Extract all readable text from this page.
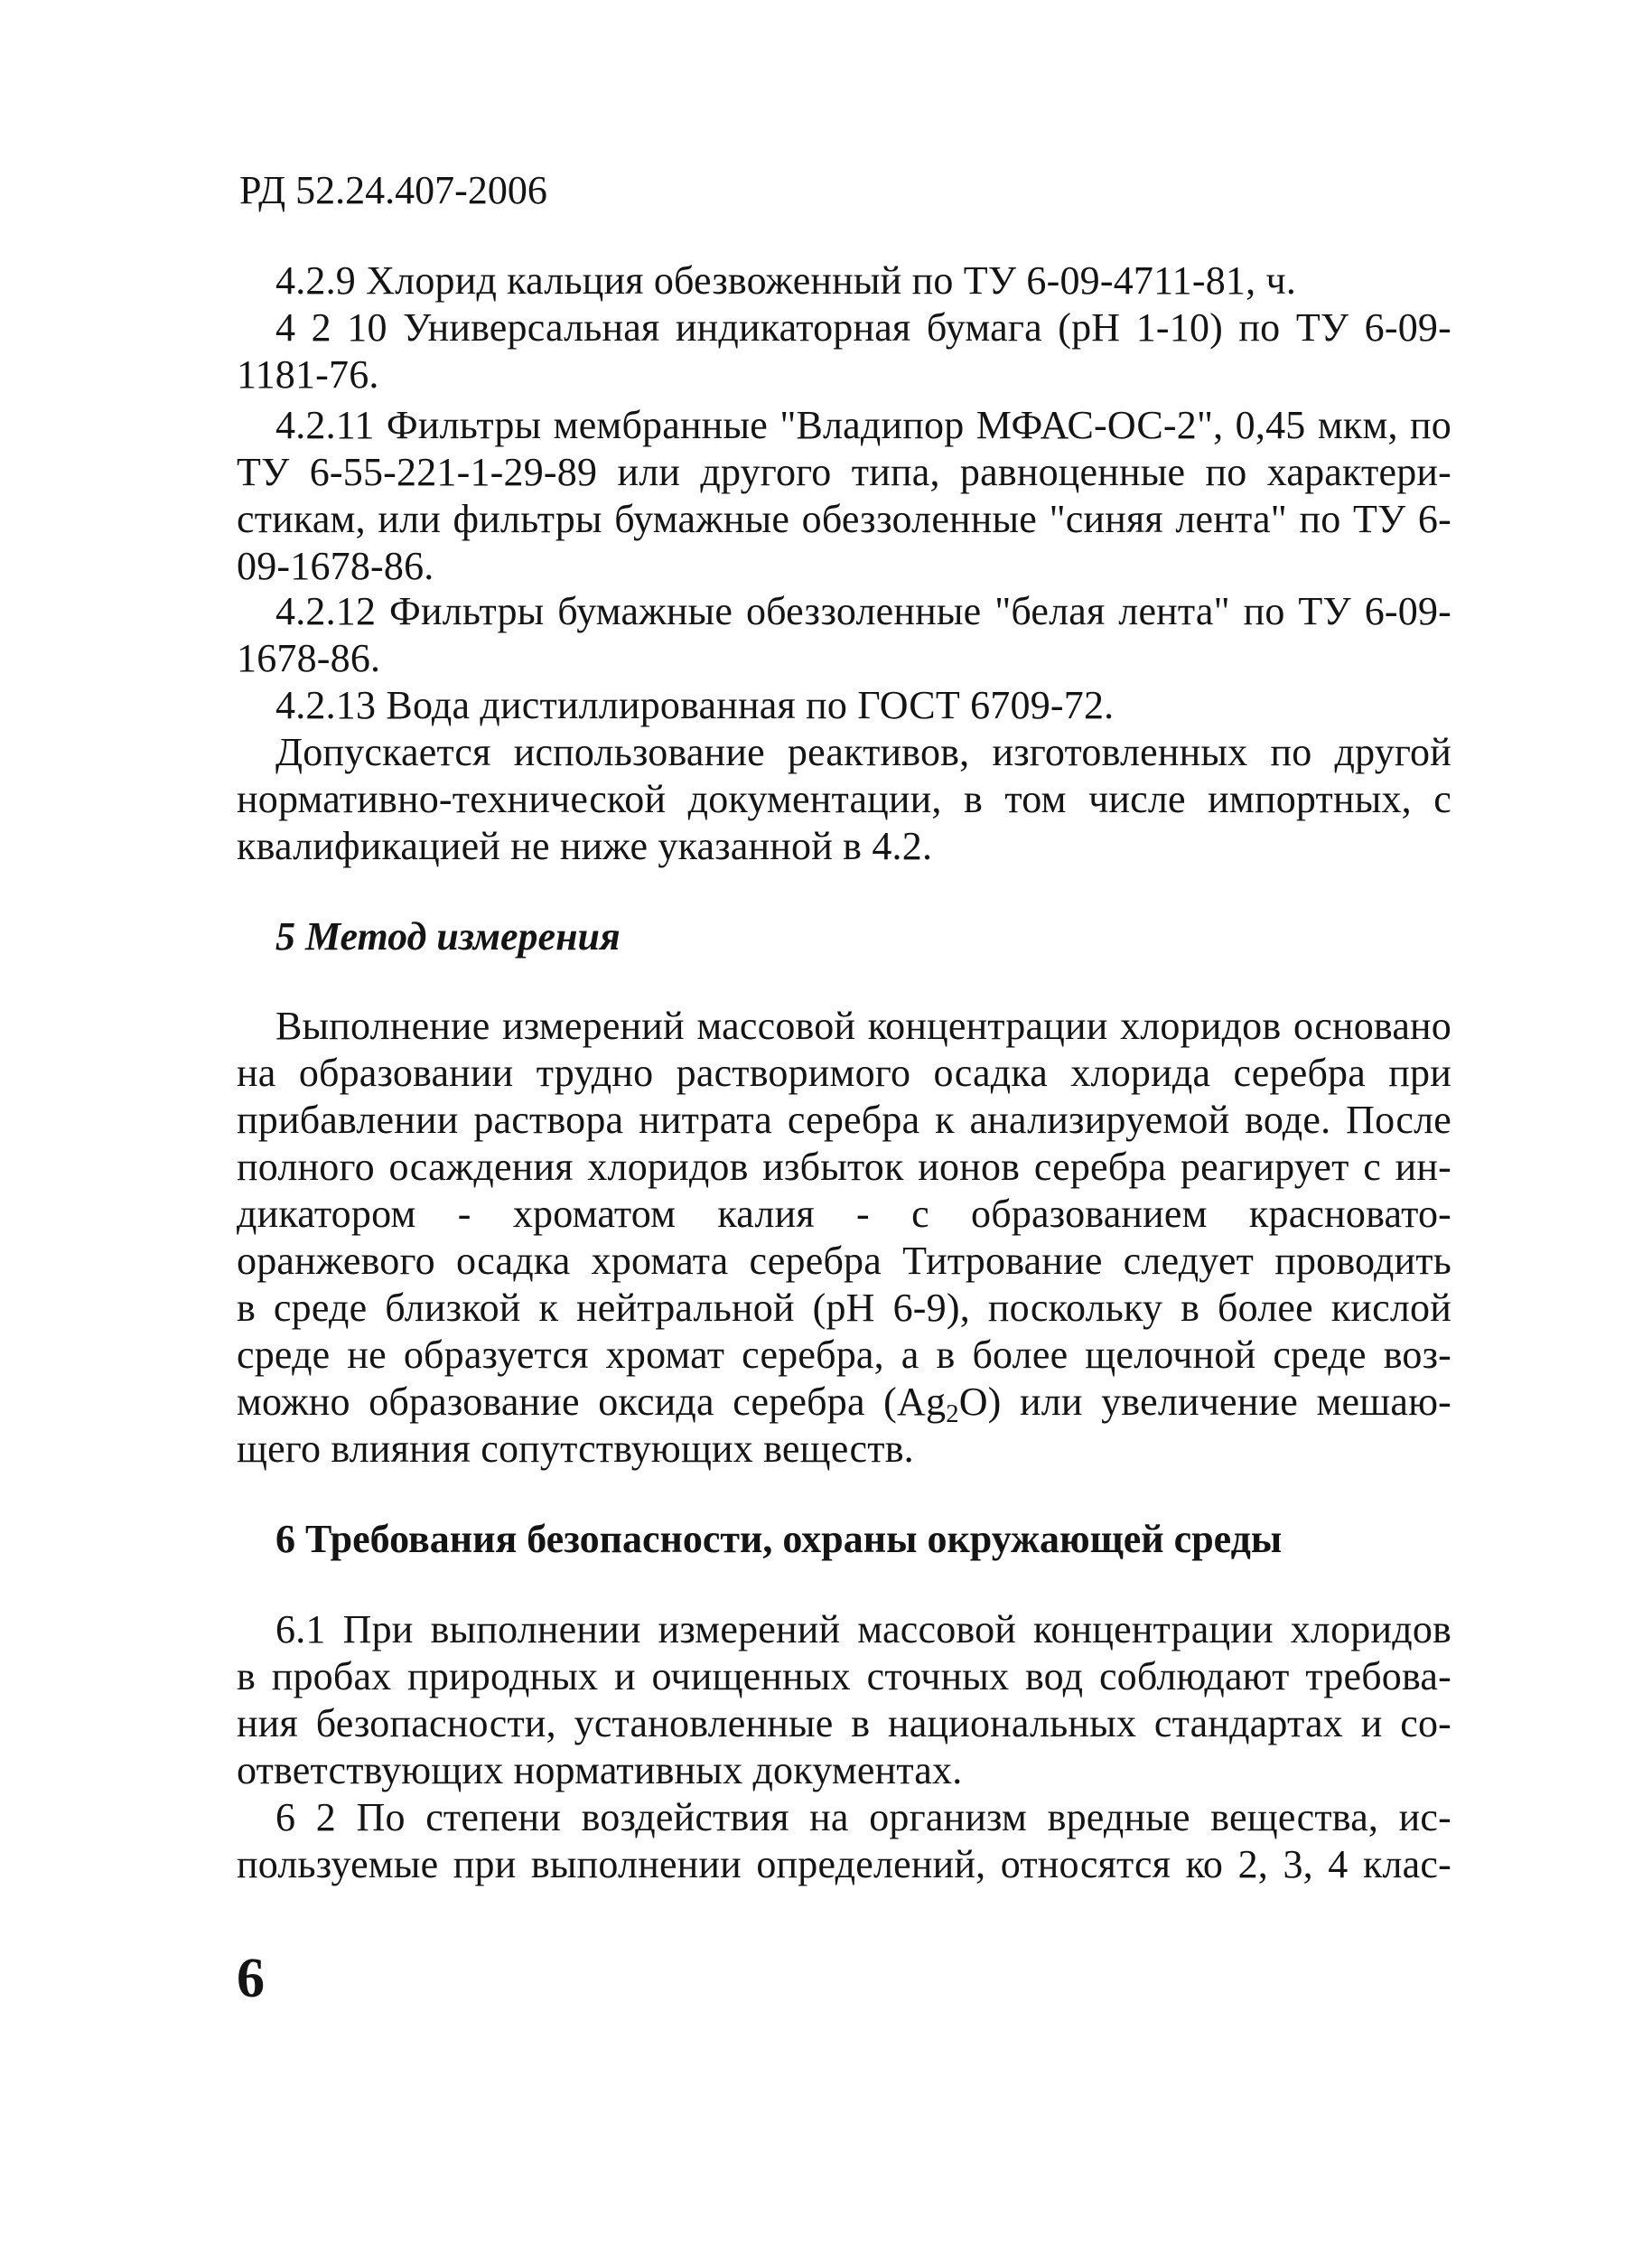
РД 52.24.407-2006
4.2.9 Хлорид кальция обезвоженный по ТУ 6-09-4711-81, ч.
4 2 10 Универсальная индикаторная бумага (рН 1-10) по ТУ 6-09-
1181-76.
4.2.11 Фильтры мембранные "Владипор МФАС-ОС-2", 0,45 мкм, по
ТУ 6-55-221-1-29-89 или другого типа, равноценные по характери-
стикам, или фильтры бумажные обеззоленные "синяя лента" по ТУ 6-
09-1678-86.
4.2.12 Фильтры бумажные обеззоленные "белая лента" по ТУ 6-09-
1678-86.
4.2.13 Вода дистиллированная по ГОСТ 6709-72.
Допускается использование реактивов, изготовленных по другой
нормативно-технической документации, в том числе импортных, с
квалификацией не ниже указанной в 4.2.
5 Метод измерения
Выполнение измерений массовой концентрации хлоридов основано
на образовании трудно растворимого осадка хлорида серебра при
прибавлении раствора нитрата серебра к анализируемой воде. После
полного осаждения хлоридов избыток ионов серебра реагирует с ин-
дикатором - хроматом калия - с образованием красновато-
оранжевого осадка хромата серебра Титрование следует проводить
в среде близкой к нейтральной (рН 6-9), поскольку в более кислой
среде не образуется хромат серебра, а в более щелочной среде воз-
можно образование оксида серебра $(Ag_2O)$ или увеличение мешаю-
щего влияния сопутствующих веществ.
6 Требования безопасности, охраны окружающей среды
6.1 При выполнении измерений массовой концентрации хлоридов
в пробах природных и очищенных сточных вод соблюдают требова-
ния безопасности, установленные в национальных стандартах и со-
ответствующих нормативных документах.
6 2 По степени воздействия на организм вредные вещества, ис-
пользуемые при выполнении определений, относятся ко 2, 3, 4 клас-
6
